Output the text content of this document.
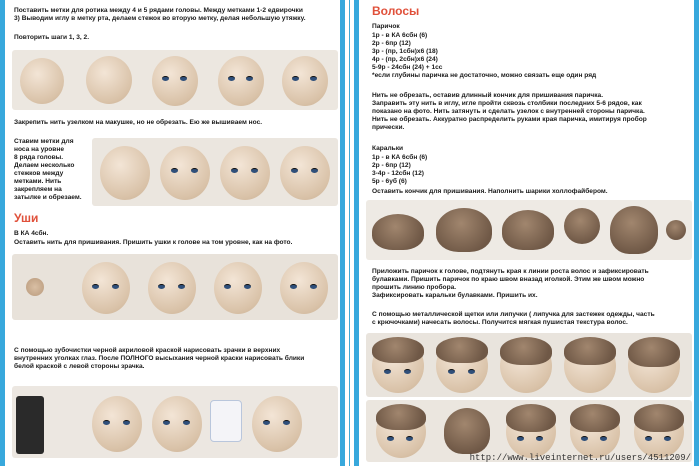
Поставить метки для ротика между 4 и 5 рядами головы. Между метками 1-2 едвирочки
3) Выводим иглу в метку рта, делаем стежок во вторую метку, делая небольшую утяжку.
Повторить шаги 1, 3, 2.
Закрепить нить узелком на макушке, но не обрезать. Ею же вышиваем нос.
Ставим метки для
носа на уровне
8 ряда головы.
Делаем несколько
стежков между
метками. Нить
закрепляем на
затылке и обрезаем.
Уши
В КА 4сбн.
Оставить нить для пришивания. Пришить ушки к голове на том уровне, как на фото.
С помощью зубочистки черной акриловой краской нарисовать зрачки в верхних
внутренних уголках глаз. После ПОЛНОГО высыхания черной краски нарисовать блики
белой краской с левой стороны зрачка.
Волосы
Паричок
1р - в КА 6сбн (6)
2р - 6пр (12)
3р - (пр, 1сбн)х6 (18)
4р - (пр, 2сбн)х6 (24)
5-9р - 24сбн (24) + 1сс
*если глубины паричка не достаточно, можно связать еще один ряд
Нить не обрезать, оставив длинный кончик для пришивания паричка.
Заправить эту нить в иглу, игле пройти сквозь столбики последних 5-6 рядов, как
показано на фото. Нить затянуть и сделать узелок с внутренней стороны паричка.
Нить не обрезать. Аккуратно распределить руками края паричка, имитируя пробор
прически.
Каральки
1р - в КА 6сбн (6)
2р - 6пр (12)
3-4р - 12сбн (12)
5р - 6уб (6)
Оставить кончик для пришивания. Наполнить шарики холлофайбером.
Приложить паричок к голове, подтянуть края к линии роста волос и зафиксировать
булавками. Пришить паричок по краю швом вназад иголкой. Этим же швом можно
прошить линию пробора.
Зафиксировать каральки булавками. Пришить их.
С помощью металлической щетки или липучки ( липучка для застежек одежды, часть
с крючочками) начесать волосы. Получится мягкая пушистая текстура волос.
http://www.liveinternet.ru/users/4511209/
